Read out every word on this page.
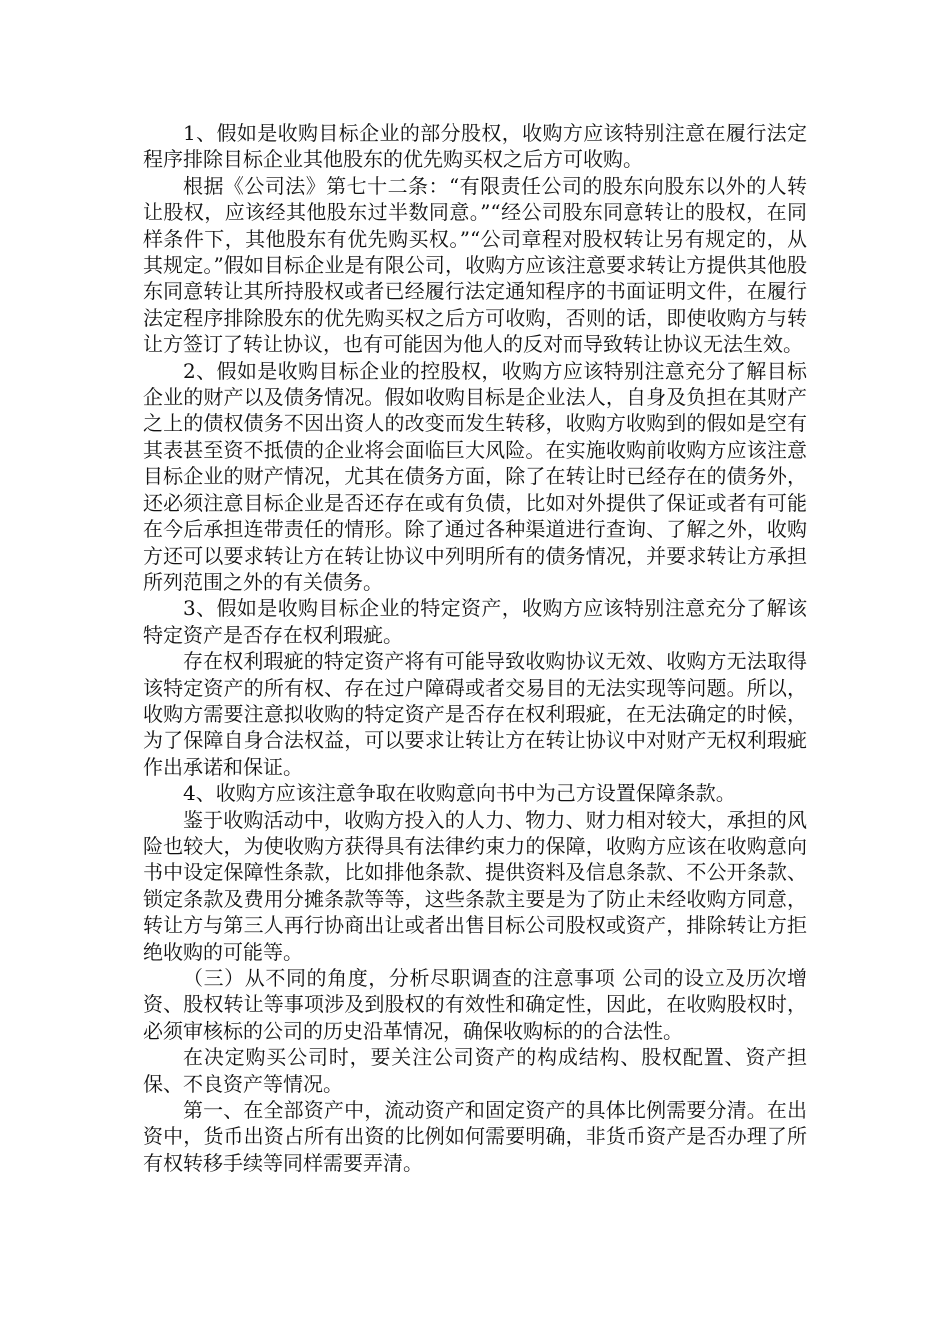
1、假如是收购目标企业的部分股权，收购方应该特别注意在履行法定程序排除目标企业其他股东的优先购买权之后方可收购。

根据《公司法》第七十二条：“有限责任公司的股东向股东以外的人转让股权，应该经其他股东过半数同意。”“经公司股东同意转让的股权，在同样条件下，其他股东有优先购买权。”“公司章程对股权转让另有规定的，从其规定。”假如目标企业是有限公司，收购方应该注意要求转让方提供其他股东同意转让其所持股权或者已经履行法定通知程序的书面证明文件，在履行法定程序排除股东的优先购买权之后方可收购，否则的话，即使收购方与转让方签订了转让协议，也有可能因为他人的反对而导致转让协议无法生效。

2、假如是收购目标企业的控股权，收购方应该特别注意充分了解目标企业的财产以及债务情况。假如收购目标是企业法人，自身及负担在其财产之上的债权债务不因出资人的改变而发生转移，收购方收购到的假如是空有其表甚至资不抵债的企业将会面临巨大风险。在实施收购前收购方应该注意目标企业的财产情况，尤其在债务方面，除了在转让时已经存在的债务外，还必须注意目标企业是否还存在或有负债，比如对外提供了保证或者有可能在今后承担连带责任的情形。除了通过各种渠道进行查询、了解之外，收购方还可以要求转让方在转让协议中列明所有的债务情况，并要求转让方承担所列范围之外的有关债务。

3、假如是收购目标企业的特定资产，收购方应该特别注意充分了解该特定资产是否存在权利瑕疵。

存在权利瑕疵的特定资产将有可能导致收购协议无效、收购方无法取得该特定资产的所有权、存在过户障碍或者交易目的无法实现等问题。所以，收购方需要注意拟收购的特定资产是否存在权利瑕疵，在无法确定的时候，为了保障自身合法权益，可以要求让转让方在转让协议中对财产无权利瑕疵作出承诺和保证。

4、收购方应该注意争取在收购意向书中为己方设置保障条款。

鉴于收购活动中，收购方投入的人力、物力、财力相对较大，承担的风险也较大，为使收购方获得具有法律约束力的保障，收购方应该在收购意向书中设定保障性条款，比如排他条款、提供资料及信息条款、不公开条款、锁定条款及费用分摊条款等等，这些条款主要是为了防止未经收购方同意，转让方与第三人再行协商出让或者出售目标公司股权或资产，排除转让方拒绝收购的可能等。

（三）从不同的角度，分析尽职调查的注意事项 公司的设立及历次增资、股权转让等事项涉及到股权的有效性和确定性，因此，在收购股权时，必须审核标的公司的历史沿革情况，确保收购标的的合法性。

在决定购买公司时，要关注公司资产的构成结构、股权配置、资产担保、不良资产等情况。

第一、在全部资产中，流动资产和固定资产的具体比例需要分清。在出资中，货币出资占所有出资的比例如何需要明确，非货币资产是否办理了所有权转移手续等同样需要弄清。
